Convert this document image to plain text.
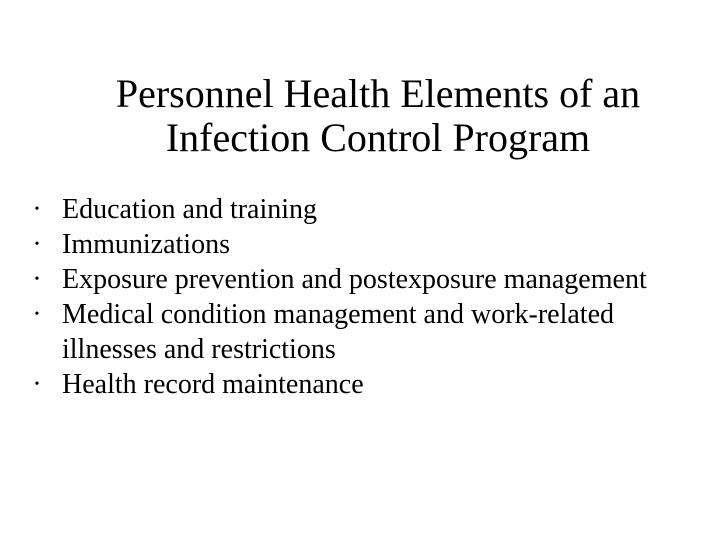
Personnel Health Elements of an
Infection Control Program
• Education and training
• Immunizations
• Exposure prevention and postexposure management
• Medical condition management and work-related
illnesses and restrictions
• Health record maintenance
